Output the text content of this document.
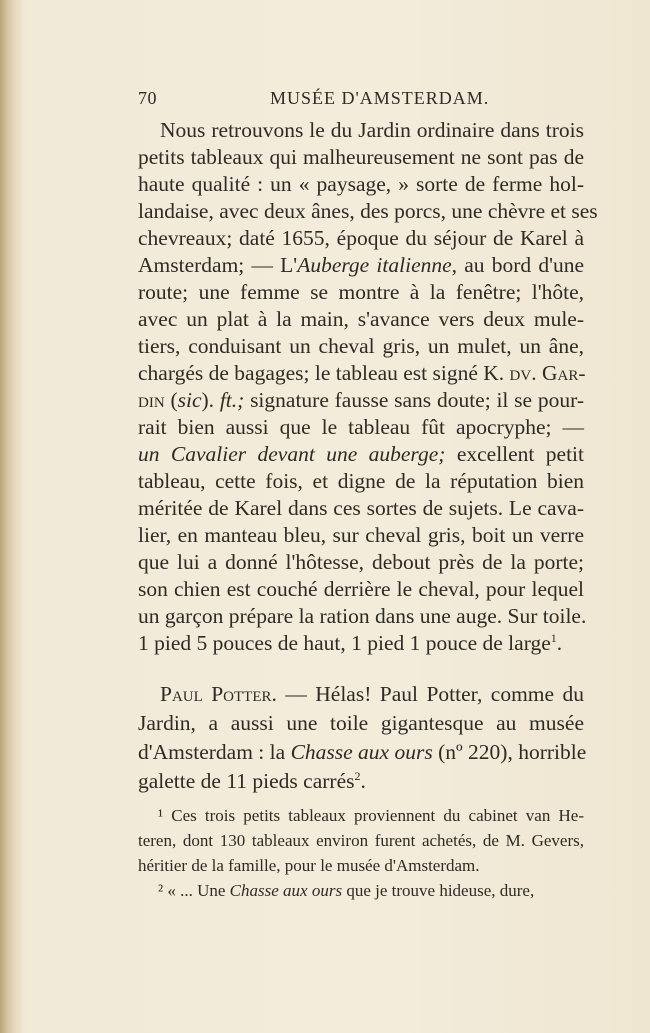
70	MUSÉE D'AMSTERDAM.
Nous retrouvons le du Jardin ordinaire dans trois
petits tableaux qui malheureusement ne sont pas de
haute qualité : un « paysage, » sorte de ferme hol-
landaise, avec deux ânes, des porcs, une chèvre et ses
chevreaux; daté 1655, époque du séjour de Karel à
Amsterdam; — L'Auberge italienne, au bord d'une
route; une femme se montre à la fenêtre; l'hôte,
avec un plat à la main, s'avance vers deux mule-
tiers, conduisant un cheval gris, un mulet, un âne,
chargés de bagages; le tableau est signé K. dv. Gar-
din (sic). ft.; signature fausse sans doute; il se pour-
rait bien aussi que le tableau fût apocryphe; —
un Cavalier devant une auberge; excellent petit
tableau, cette fois, et digne de la réputation bien
méritée de Karel dans ces sortes de sujets. Le cava-
lier, en manteau bleu, sur cheval gris, boit un verre
que lui a donné l'hôtesse, debout près de la porte;
son chien est couché derrière le cheval, pour lequel
un garçon prépare la ration dans une auge. Sur toile.
1 pied 5 pouces de haut, 1 pied 1 pouce de large$^1$.
Paul Potter. — Hélas! Paul Potter, comme du
Jardin, a aussi une toile gigantesque au musée
d'Amsterdam : la Chasse aux ours (nº 220), horrible
galette de 11 pieds carrés$^2$.
¹ Ces trois petits tableaux proviennent du cabinet van He-
teren, dont 130 tableaux environ furent achetés, de M. Gevers,
héritier de la famille, pour le musée d'Amsterdam.
² « ... Une Chasse aux ours que je trouve hideuse, dure,
